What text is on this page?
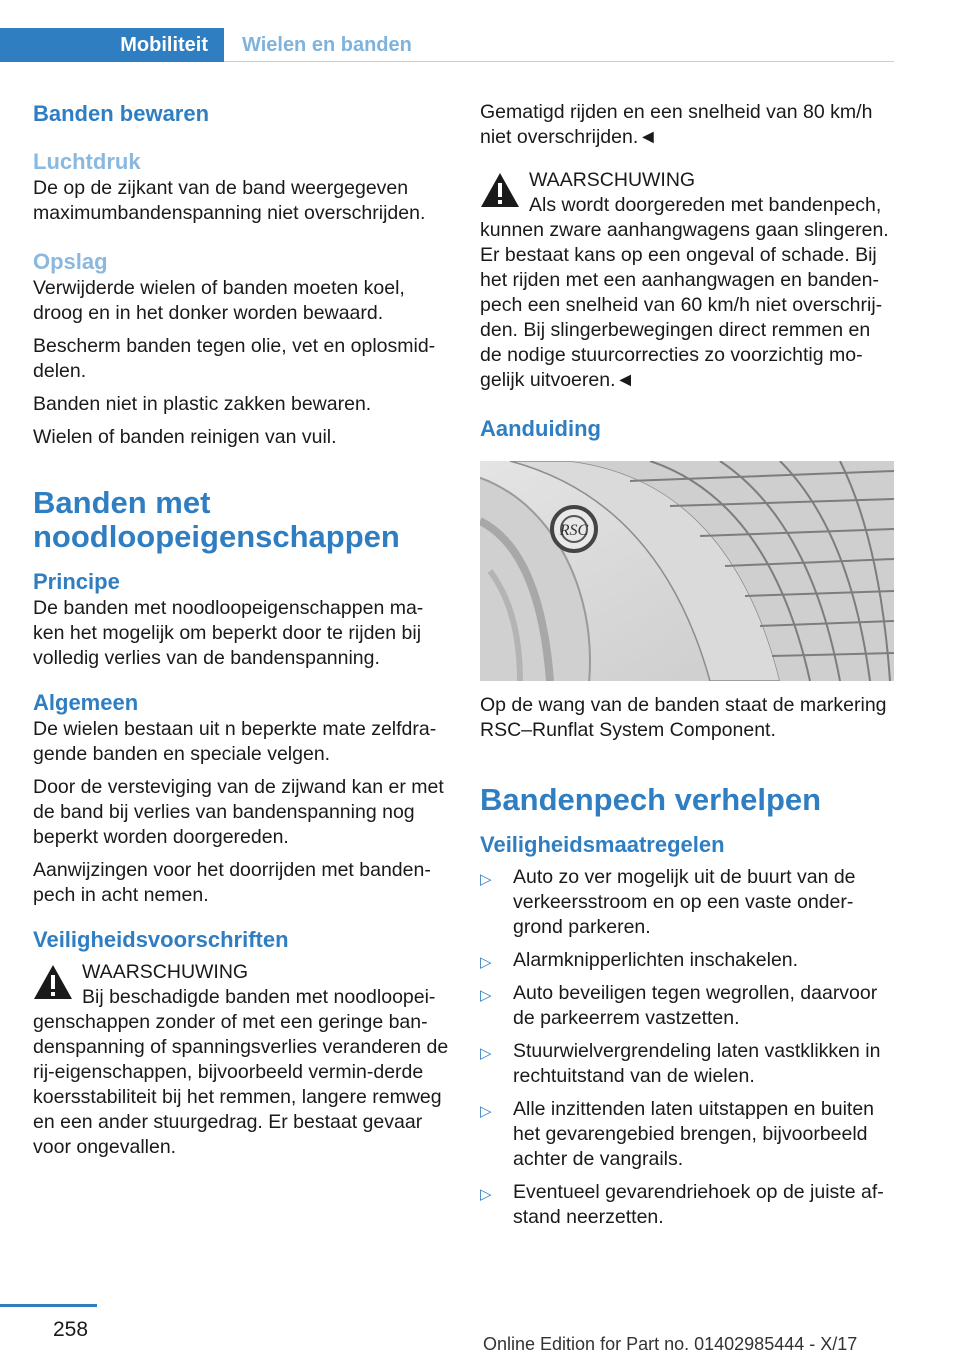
Mobiliteit	Wielen en banden
Banden bewaren
Luchtdruk

De op de zijkant van de band weergegeven maximumbandenspanning niet overschrijden.

Opslag

Verwijderde wielen of banden moeten koel, droog en in het donker worden bewaard.

Bescherm banden tegen olie, vet en oplosmid-delen.

Banden niet in plastic zakken bewaren.

Wielen of banden reinigen van vuil.

Banden met noodloopeigenschappen
Principe

De banden met noodloopeigenschappen ma-ken het mogelijk om beperkt door te rijden bij volledig verlies van de bandenspanning.

Algemeen

De wielen bestaan uit n beperkte mate zelfdra-gende banden en speciale velgen.

Door de versteviging van de zijwand kan er met de band bij verlies van bandenspanning nog beperkt worden doorgereden.

Aanwijzingen voor het doorrijden met banden-pech in acht nemen.

Veiligheidsvoorschriften
WAARSCHUWING
Bij beschadigde banden met noodloopei-
genschappen zonder of met een geringe ban-denspanning of spanningsverlies veranderen de rij-eigenschappen, bijvoorbeeld vermin-derde koersstabiliteit bij het remmen, langere remweg en een ander stuurgedrag. Er bestaat gevaar voor ongevallen.

Gematigd rijden en een snelheid van 80 km/h niet overschrijden.◄

WAARSCHUWING
Als wordt doorgereden met bandenpech,
kunnen zware aanhangwagens gaan slingeren. Er bestaat kans op een ongeval of schade. Bij het rijden met een aanhangwagen en banden-pech een snelheid van 60 km/h niet overschrij-den. Bij slingerbewegingen direct remmen en de nodige stuurcorrecties zo voorzichtig mo-gelijk uitvoeren.◄
Aanduiding
RSC

Op de wang van de banden staat de markering RSC–Runflat System Component.

Bandenpech verhelpen
Veiligheidsmaatregelen
▷ Auto zo ver mogelijk uit de buurt van de verkeersstroom en op een vaste onder-grond parkeren.
▷ Alarmknipperlichten inschakelen.
▷ Auto beveiligen tegen wegrollen, daarvoor de parkeerrem vastzetten.
▷ Stuurwielvergrendeling laten vastklikken in rechtuitstand van de wielen.
▷ Alle inzittenden laten uitstappen en buiten het gevarengebied brengen, bijvoorbeeld achter de vangrails.
▷ Eventueel gevarendriehoek op de juiste af-stand neerzetten.
258
Online Edition for Part no. 01402985444 - X/17
